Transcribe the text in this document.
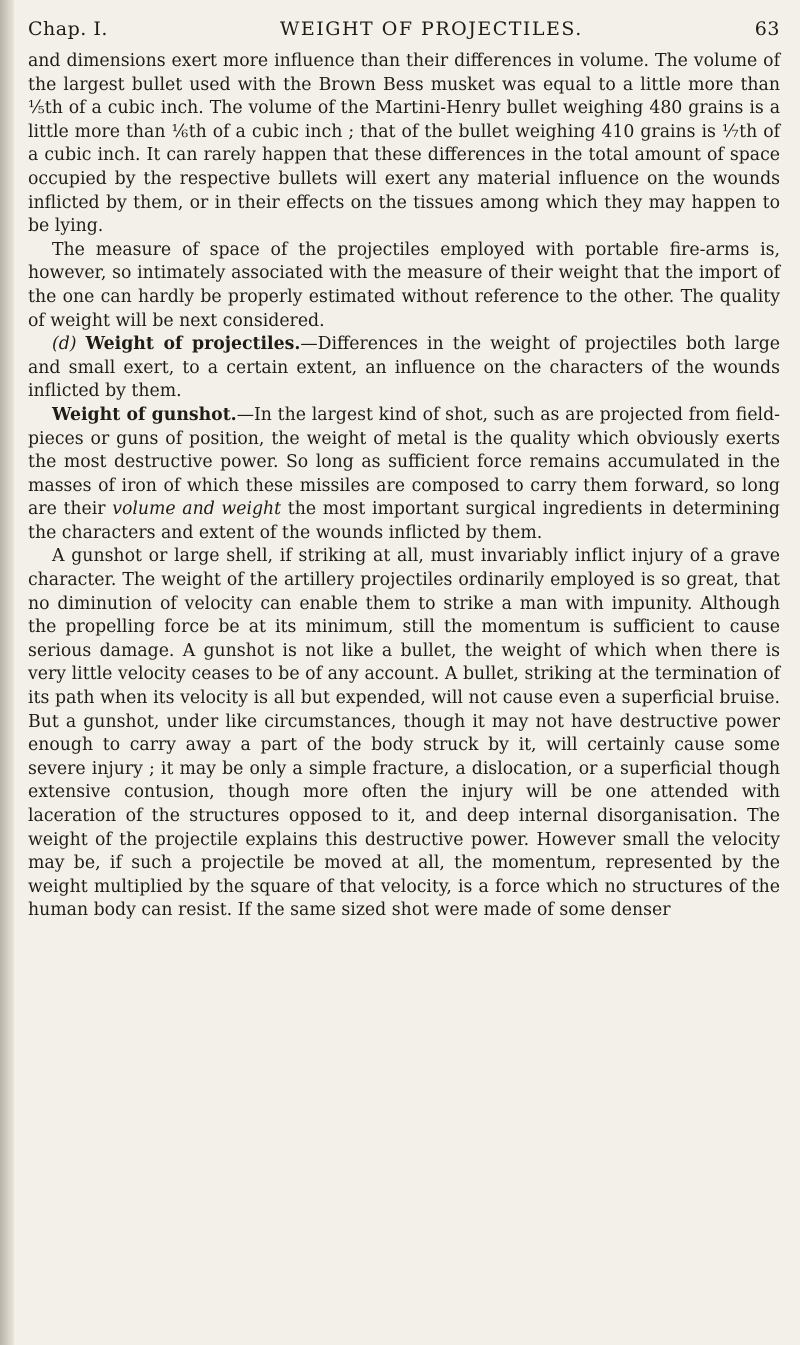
Chap. I.	WEIGHT OF PROJECTILES.	63

and dimensions exert more influence than their differences in volume. The volume of the largest bullet used with the Brown Bess musket was equal to a little more than ⅕th of a cubic inch. The volume of the Martini-Henry bullet weighing 480 grains is a little more than ⅙th of a cubic inch ; that of the bullet weighing 410 grains is ⅐th of a cubic inch. It can rarely happen that these differences in the total amount of space occupied by the respective bullets will exert any material influence on the wounds inflicted by them, or in their effects on the tissues among which they may happen to be lying.

The measure of space of the projectiles employed with portable fire-arms is, however, so intimately associated with the measure of their weight that the import of the one can hardly be properly estimated without reference to the other. The quality of weight will be next considered.

(d) Weight of projectiles.—Differences in the weight of projectiles both large and small exert, to a certain extent, an influence on the characters of the wounds inflicted by them.

Weight of gunshot.—In the largest kind of shot, such as are projected from field-pieces or guns of position, the weight of metal is the quality which obviously exerts the most destructive power. So long as sufficient force remains accumulated in the masses of iron of which these missiles are composed to carry them forward, so long are their volume and weight the most important surgical ingredients in determining the characters and extent of the wounds inflicted by them.

A gunshot or large shell, if striking at all, must invariably inflict injury of a grave character. The weight of the artillery projectiles ordinarily employed is so great, that no diminution of velocity can enable them to strike a man with impunity. Although the propelling force be at its minimum, still the momentum is sufficient to cause serious damage. A gunshot is not like a bullet, the weight of which when there is very little velocity ceases to be of any account. A bullet, striking at the termination of its path when its velocity is all but expended, will not cause even a superficial bruise. But a gunshot, under like circumstances, though it may not have destructive power enough to carry away a part of the body struck by it, will certainly cause some severe injury ; it may be only a simple fracture, a dislocation, or a superficial though extensive contusion, though more often the injury will be one attended with laceration of the structures opposed to it, and deep internal disorganisation. The weight of the projectile explains this destructive power. However small the velocity may be, if such a projectile be moved at all, the momentum, represented by the weight multiplied by the square of that velocity, is a force which no structures of the human body can resist. If the same sized shot were made of some denser
